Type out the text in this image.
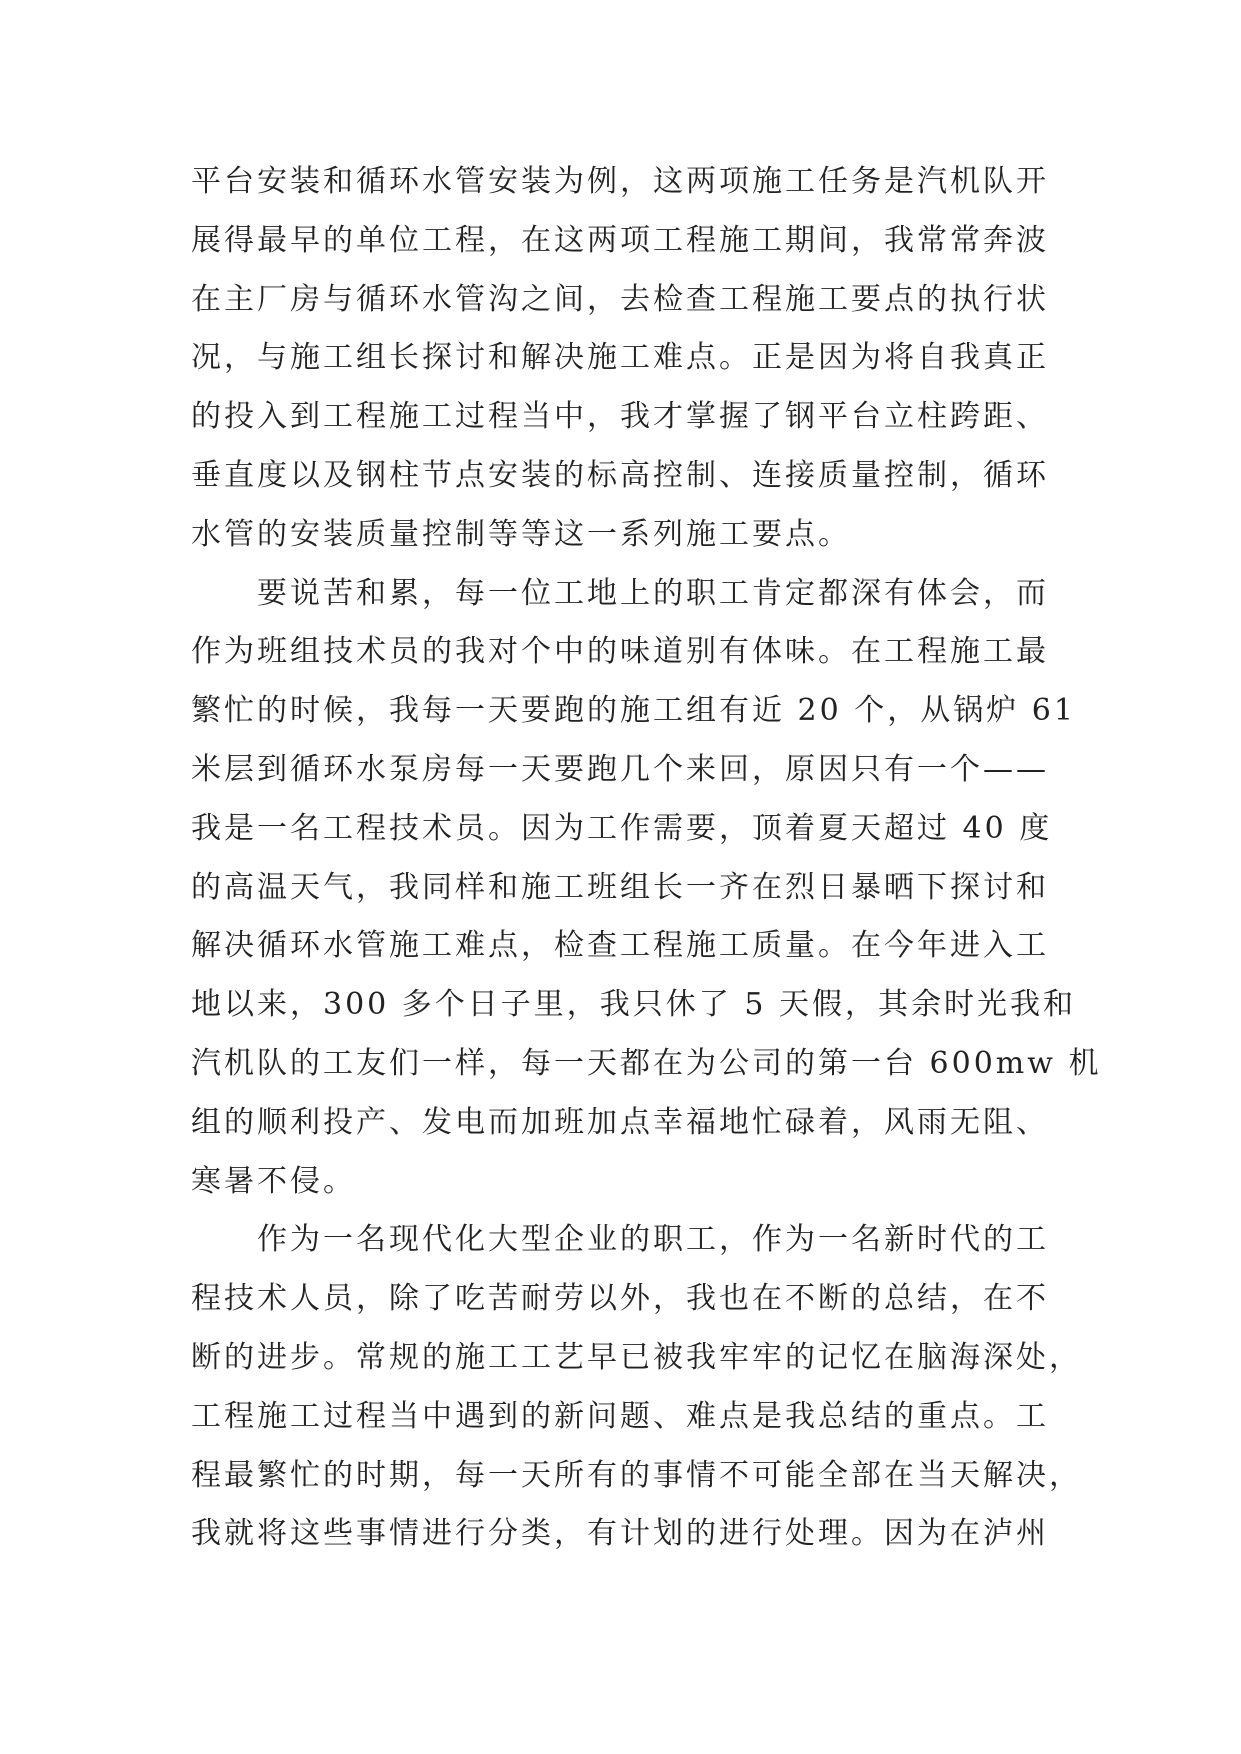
平台安装和循环水管安装为例，这两项施工任务是汽机队开
展得最早的单位工程，在这两项工程施工期间，我常常奔波
在主厂房与循环水管沟之间，去检查工程施工要点的执行状
况，与施工组长探讨和解决施工难点。正是因为将自我真正
的投入到工程施工过程当中，我才掌握了钢平台立柱跨距、
垂直度以及钢柱节点安装的标高控制、连接质量控制，循环
水管的安装质量控制等等这一系列施工要点。
要说苦和累，每一位工地上的职工肯定都深有体会，而
作为班组技术员的我对个中的味道别有体味。在工程施工最
繁忙的时候，我每一天要跑的施工组有近 20 个，从锅炉 61
米层到循环水泵房每一天要跑几个来回，原因只有一个——
我是一名工程技术员。因为工作需要，顶着夏天超过 40 度
的高温天气，我同样和施工班组长一齐在烈日暴晒下探讨和
解决循环水管施工难点，检查工程施工质量。在今年进入工
地以来，300 多个日子里，我只休了 5 天假，其余时光我和
汽机队的工友们一样，每一天都在为公司的第一台 600mw 机
组的顺利投产、发电而加班加点幸福地忙碌着，风雨无阻、
寒暑不侵。
作为一名现代化大型企业的职工，作为一名新时代的工
程技术人员，除了吃苦耐劳以外，我也在不断的总结，在不
断的进步。常规的施工工艺早已被我牢牢的记忆在脑海深处，
工程施工过程当中遇到的新问题、难点是我总结的重点。工
程最繁忙的时期，每一天所有的事情不可能全部在当天解决，
我就将这些事情进行分类，有计划的进行处理。因为在泸州
